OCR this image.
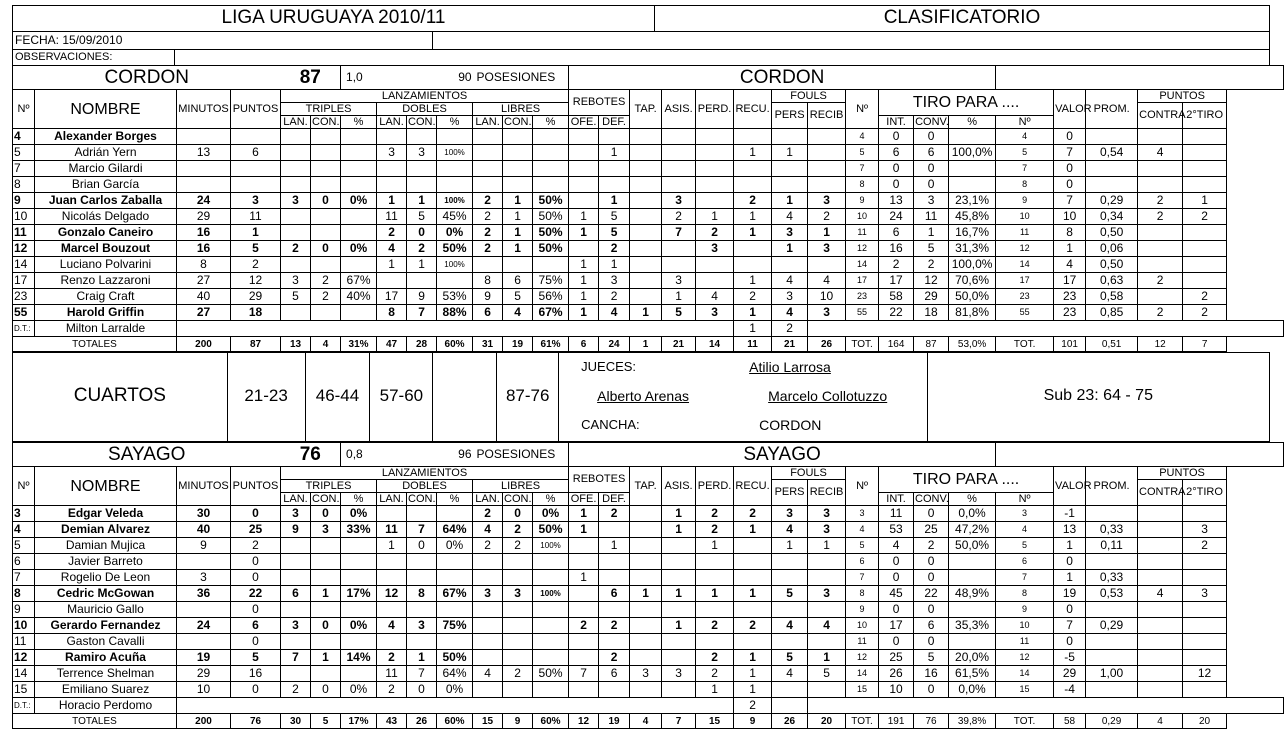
LIGA URUGUAYA 2010/11	CLASIFICATORIO
FECHA: 15/09/2010
OBSERVACIONES:
CORDON				87		1,0		90		POSESIONES			CORDON																
Nº	NOMBRE	MINUTOS	PUNTOS	LANZAMIENTOS									REBOTES		TAP.	ASIS.	PERD.	RECU.	FOULS		Nº	TIRO PARA ....				VALOR	PROM.	PUNTOS	
				TRIPLES			DOBLES			LIBRES									PERS	RECIB								CONTRA	2°TIRO
				LAN.	CON.	%	LAN.	CON.	%	LAN.	CON.	%	OFE.	DEF.								INT.	CONV.	%	Nº				
4	Alexander Borges																				4	0	0		4	0			
5	Adrián Yern	13	6				3	3	100%					1				1	1		5	6	6	100,0%	5	7	0,54	4	
7	Marcio Gilardi																				7	0	0		7	0			
8	Brian García																				8	0	0		8	0			
9	Juan Carlos Zaballa	24	3	3	0	0%	1	1	100%	2	1	50%		1		3		2	1	3	9	13	3	23,1%	9	7	0,29	2	1
10	Nicolás Delgado	29	11				11	5	45%	2	1	50%	1	5		2	1	1	4	2	10	24	11	45,8%	10	10	0,34	2	2
11	Gonzalo Caneiro	16	1				2	0	0%	2	1	50%	1	5		7	2	1	3	1	11	6	1	16,7%	11	8	0,50		
12	Marcel Bouzout	16	5	2	0	0%	4	2	50%	2	1	50%		2			3		1	3	12	16	5	31,3%	12	1	0,06		
14	Luciano Polvarini	8	2				1	1	100%				1	1							14	2	2	100,0%	14	4	0,50		
17	Renzo Lazzaroni	27	12	3	2	67%				8	6	75%	1	3		3		1	4	4	17	17	12	70,6%	17	17	0,63	2	
23	Craig Craft	40	29	5	2	40%	17	9	53%	9	5	56%	1	2		1	4	2	3	10	23	58	29	50,0%	23	23	0,58		2
55	Harold Griffin	27	18				8	7	88%	6	4	67%	1	4	1	5	3	1	4	3	55	22	18	81,8%	55	23	0,85	2	2
D.T.:	Milton Larralde																	1	2										
TOTALES		200	87	13	4	31%	47	28	60%	31	19	61%	6	24	1	21	14	11	21	26	TOT.	164	87	53,0%	TOT.	101	0,51	12	7
CUARTOS	21-23	46-44	57-60	87-76
JUECES:	Atilio Larrosa
Alberto Arenas	Marcelo Collotuzzo
CANCHA:	CORDON
Sub 23: 64 - 75
SAYAGO				76		0,8		96		POSESIONES			SAYAGO																
Nº	NOMBRE	MINUTOS	PUNTOS	LANZAMIENTOS									REBOTES		TAP.	ASIS.	PERD.	RECU.	FOULS		Nº	TIRO PARA ....				VALOR	PROM.	PUNTOS	
				TRIPLES			DOBLES			LIBRES									PERS	RECIB								CONTRA	2°TIRO
				LAN.	CON.	%	LAN.	CON.	%	LAN.	CON.	%	OFE.	DEF.								INT.	CONV.	%	Nº				
3	Edgar Veleda	30	0	3	0	0%				2	0	0%	1	2		1	2	2	3	3	3	11	0	0,0%	3	-1			
4	Demian Alvarez	40	25	9	3	33%	11	7	64%	4	2	50%	1			1	2	1	4	3	4	53	25	47,2%	4	13	0,33		3
5	Damian Mujica	9	2				1	0	0%	2	2	100%		1			1		1	1	5	4	2	50,0%	5	1	0,11		2
6	Javier Barreto		0																		6	0	0		6	0			
7	Rogelio De Leon	3	0										1								7	0	0		7	1	0,33		
8	Cedric McGowan	36	22	6	1	17%	12	8	67%	3	3	100%		6	1	1	1	1	5	3	8	45	22	48,9%	8	19	0,53	4	3
9	Mauricio Gallo		0																		9	0	0		9	0			
10	Gerardo Fernandez	24	6	3	0	0%	4	3	75%				2	2		1	2	2	4	4	10	17	6	35,3%	10	7	0,29		
11	Gaston Cavalli		0																		11	0	0		11	0			
12	Ramiro Acuña	19	5	7	1	14%	2	1	50%					2			2	1	5	1	12	25	5	20,0%	12	-5			
14	Terrence Shelman	29	16				11	7	64%	4	2	50%	7	6	3	3	2	1	4	5	14	26	16	61,5%	14	29	1,00		12
15	Emiliano Suarez	10	0	2	0	0%	2	0	0%								1	1			15	10	0	0,0%	15	-4			
D.T.:	Horacio Perdomo																	2											
TOTALES		200	76	30	5	17%	43	26	60%	15	9	60%	12	19	4	7	15	9	26	20	TOT.	191	76	39,8%	TOT.	58	0,29	4	20
